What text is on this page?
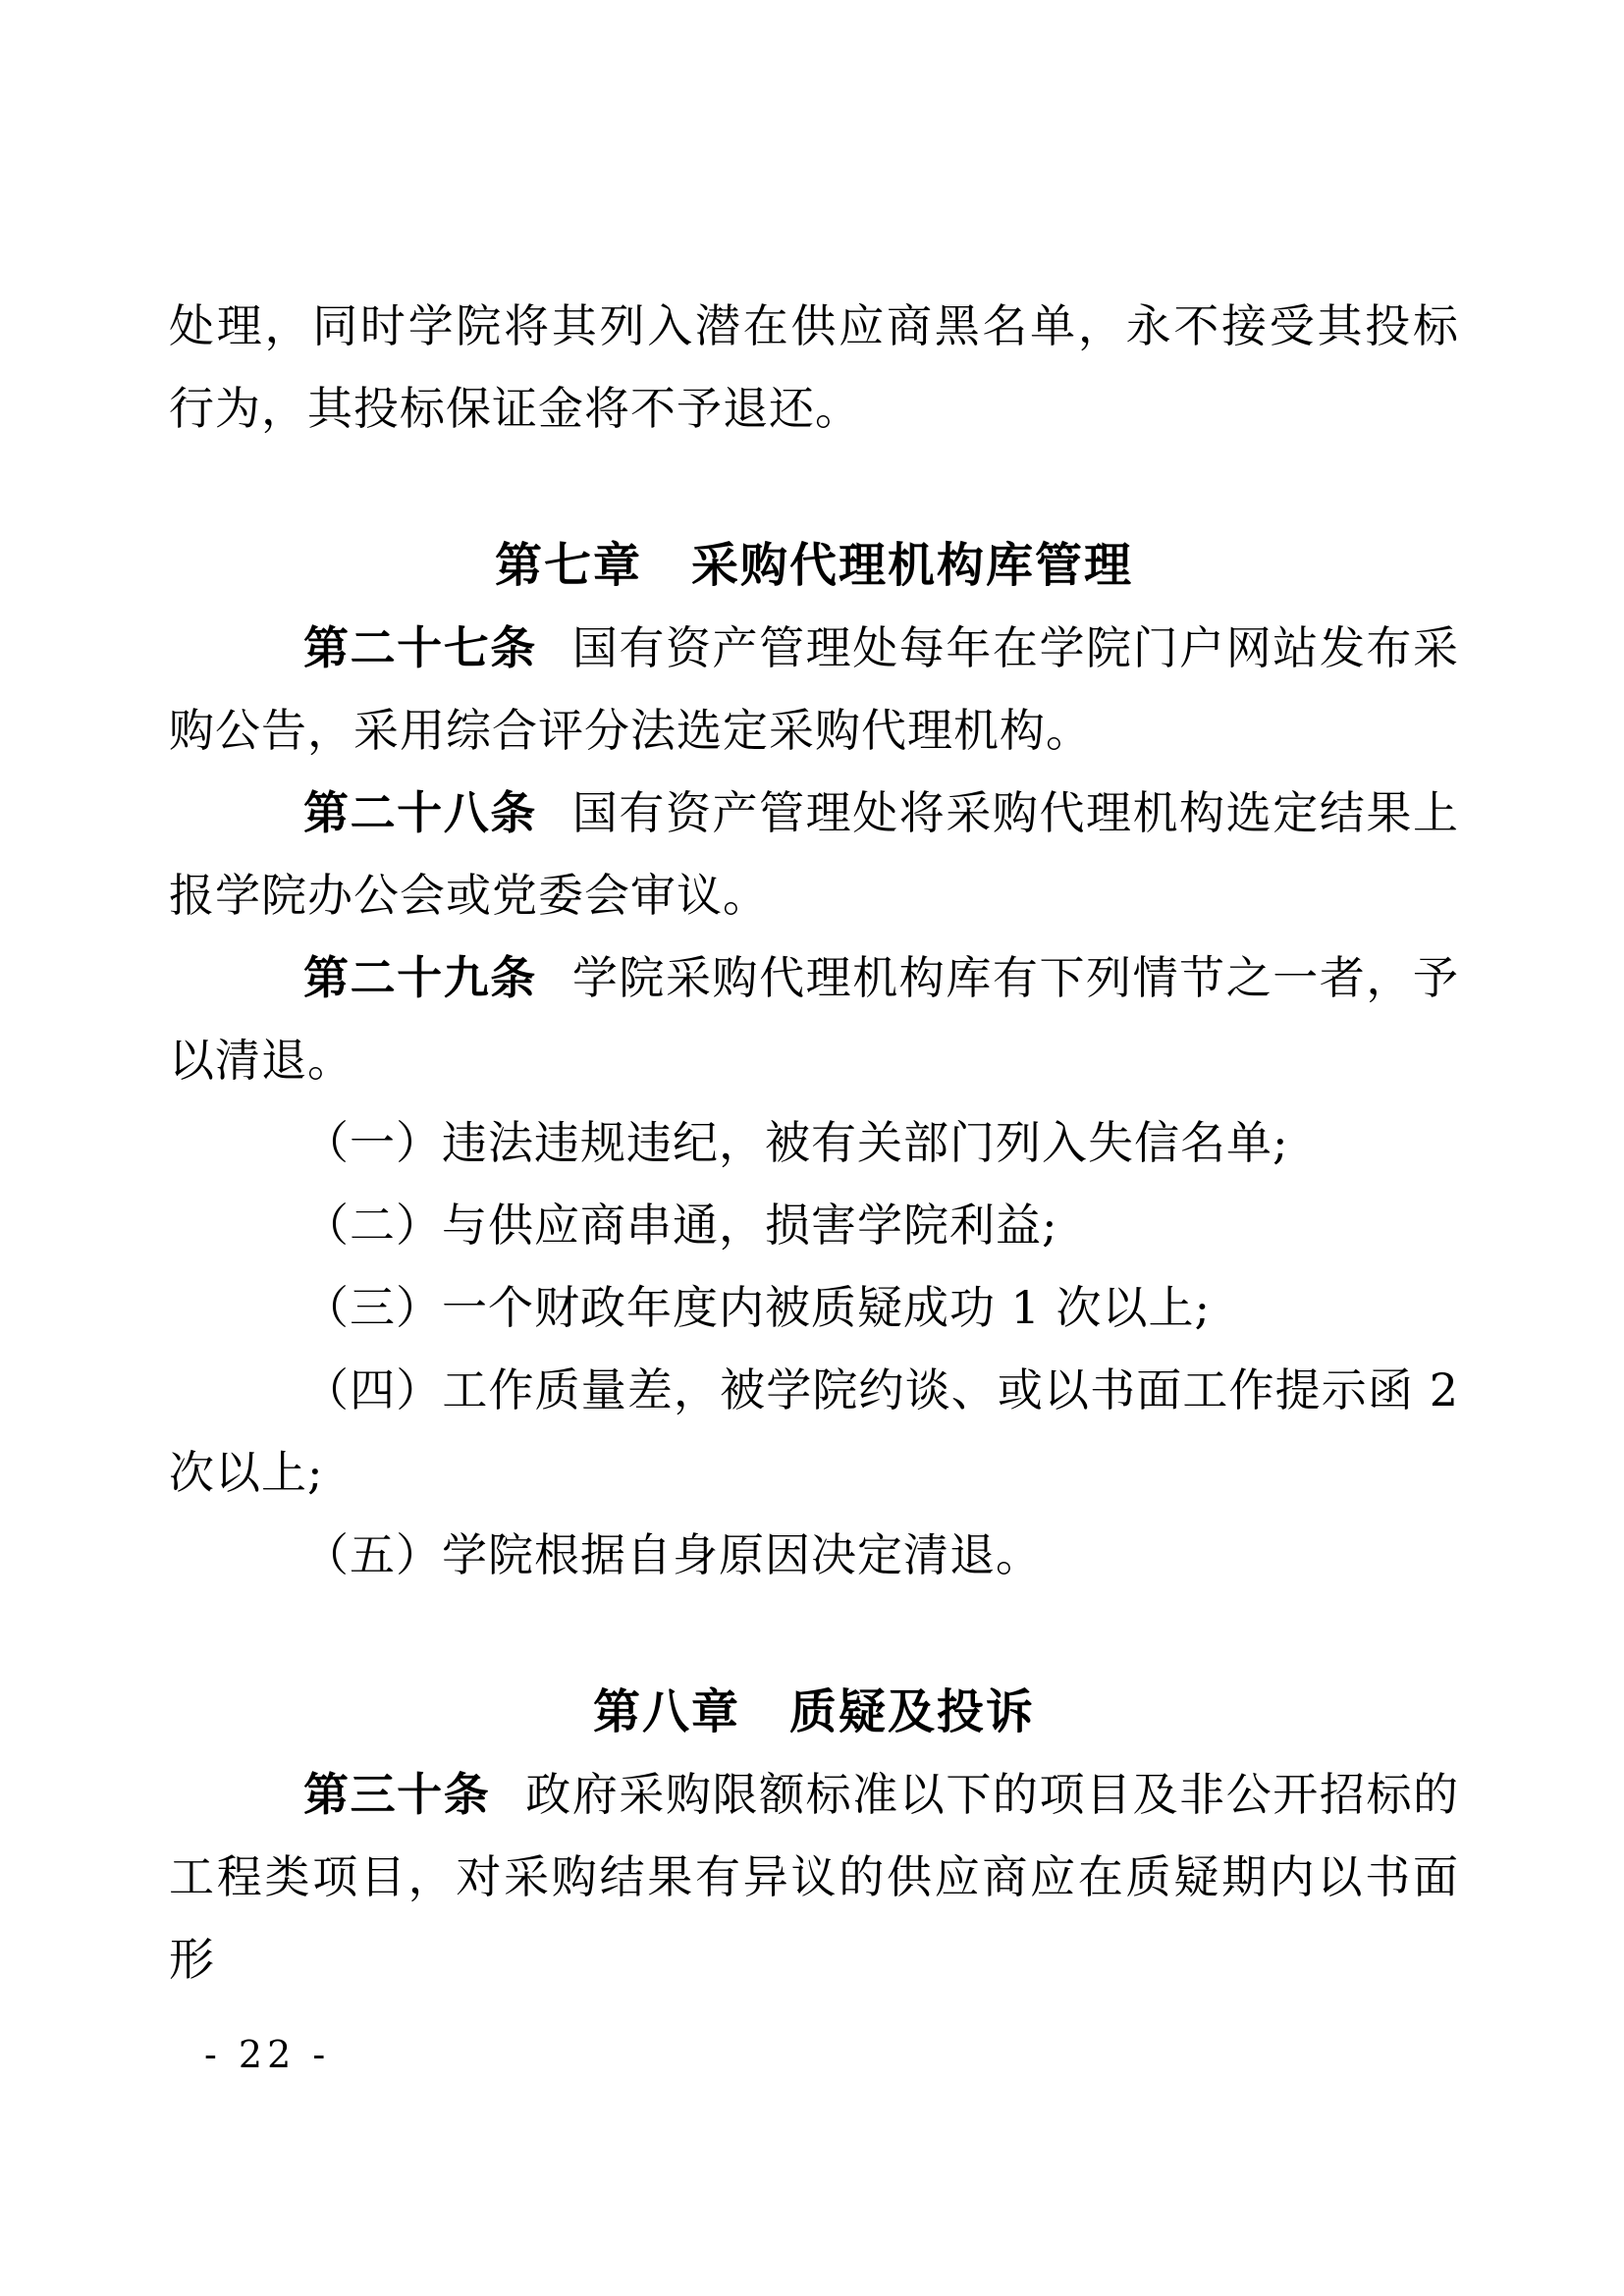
处理，同时学院将其列入潜在供应商黑名单，永不接受其投标行为，其投标保证金将不予退还。

第七章　采购代理机构库管理

第二十七条 国有资产管理处每年在学院门户网站发布采购公告，采用综合评分法选定采购代理机构。

第二十八条 国有资产管理处将采购代理机构选定结果上报学院办公会或党委会审议。

第二十九条 学院采购代理机构库有下列情节之一者，予以清退。

（一）违法违规违纪，被有关部门列入失信名单;

（二）与供应商串通，损害学院利益;

（三）一个财政年度内被质疑成功 1 次以上;

（四）工作质量差，被学院约谈、或以书面工作提示函 2 次以上;

（五）学院根据自身原因决定清退。

第八章　质疑及投诉

第三十条 政府采购限额标准以下的项目及非公开招标的工程类项目，对采购结果有异议的供应商应在质疑期内以书面形

- 22 -
